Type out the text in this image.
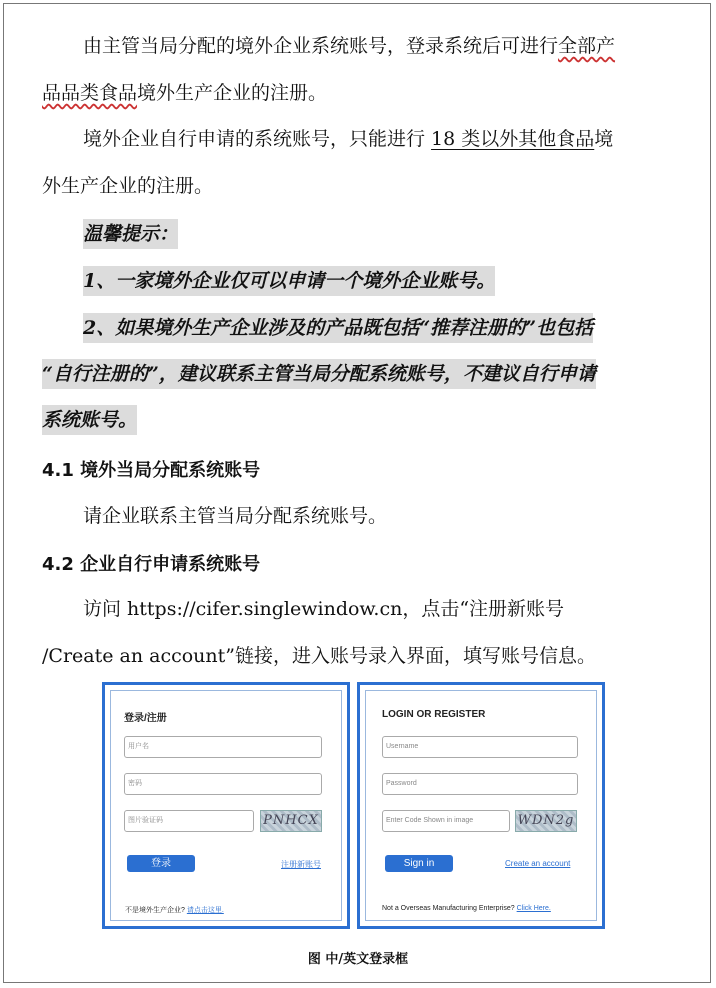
由主管当局分配的境外企业系统账号，登录系统后可进行全部产
品品类食品境外生产企业的注册。
境外企业自行申请的系统账号，只能进行 18 类以外其他食品境
外生产企业的注册。
温馨提示：
1、一家境外企业仅可以申请一个境外企业账号。
2、如果境外生产企业涉及的产品既包括“推荐注册的”也包括
“自行注册的”，建议联系主管当局分配系统账号，不建议自行申请
系统账号。
4.1 境外当局分配系统账号
请企业联系主管当局分配系统账号。
4.2 企业自行申请系统账号
访问 https://cifer.singlewindow.cn，点击“注册新账号
/Create an account”链接，进入账号录入界面，填写账号信息。
登录/注册
用户名
密码
图片验证码	PNHCX
登录	注册新账号
不是境外生产企业? 请点击这里.
LOGIN OR REGISTER
Username
Password
Enter Code Shown in image	WDN2g
Sign in	Create an account
Not a Overseas Manufacturing Enterprise? Click Here.
图 中/英文登录框
